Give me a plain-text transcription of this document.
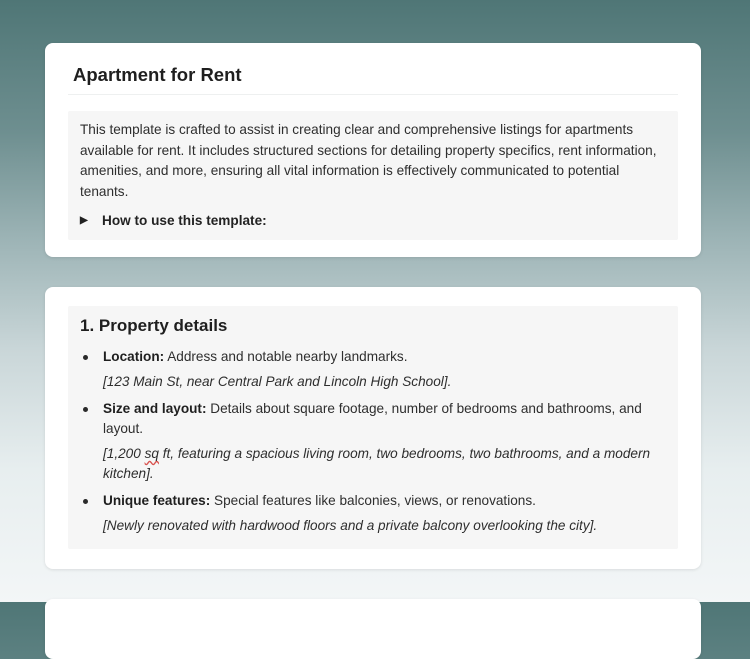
Apartment for Rent

This template is crafted to assist in creating clear and comprehensive listings for apartments available for rent. It includes structured sections for detailing property specifics, rent information, amenities, and more, ensuring all vital information is effectively communicated to potential tenants.

▶	How to use this template:
1. Property details
Location: Address and notable nearby landmarks.
[123 Main St, near Central Park and Lincoln High School].
Size and layout: Details about square footage, number of bedrooms and bathrooms, and layout.
[1,200 sq ft, featuring a spacious living room, two bedrooms, two bathrooms, and a modern kitchen].
Unique features: Special features like balconies, views, or renovations.
[Newly renovated with hardwood floors and a private balcony overlooking the city].
